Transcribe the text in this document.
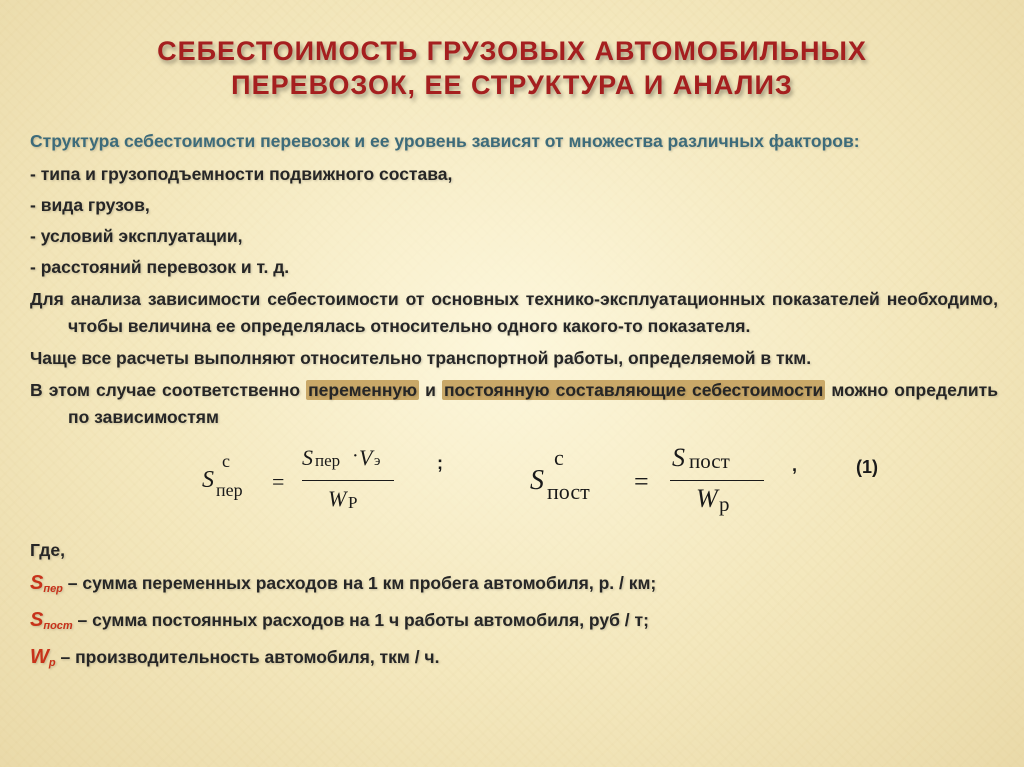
СЕБЕСТОИМОСТЬ ГРУЗОВЫХ АВТОМОБИЛЬНЫХ
ПЕРЕВОЗОК, ЕЕ СТРУКТУРА И АНАЛИЗ
Структура себестоимости перевозок и ее уровень зависят от множества различных факторов:
- типа и грузоподъемности подвижного состава,
- вида грузов,
- условий эксплуатации,
- расстояний перевозок и т. д.
Для анализа зависимости себестоимости от основных технико-эксплуатационных показателей необходимо, чтобы величина ее определялась относительно одного какого-то показателя.
Чаще все расчеты выполняют относительно транспортной работы, определяемой в ткм.
В этом случае соответственно переменную и постоянную составляющие себестоимости можно определить по зависимостям
S
с
пер =
S пер · V э
W Р
;
S
с
пост =
S пост
W р
,	(1)
Где,
Sпер – сумма переменных расходов на 1 км пробега автомобиля, р. / км;
Sпост – сумма постоянных расходов на 1 ч работы автомобиля, руб / т;
Wр – производительность автомобиля, ткм / ч.
